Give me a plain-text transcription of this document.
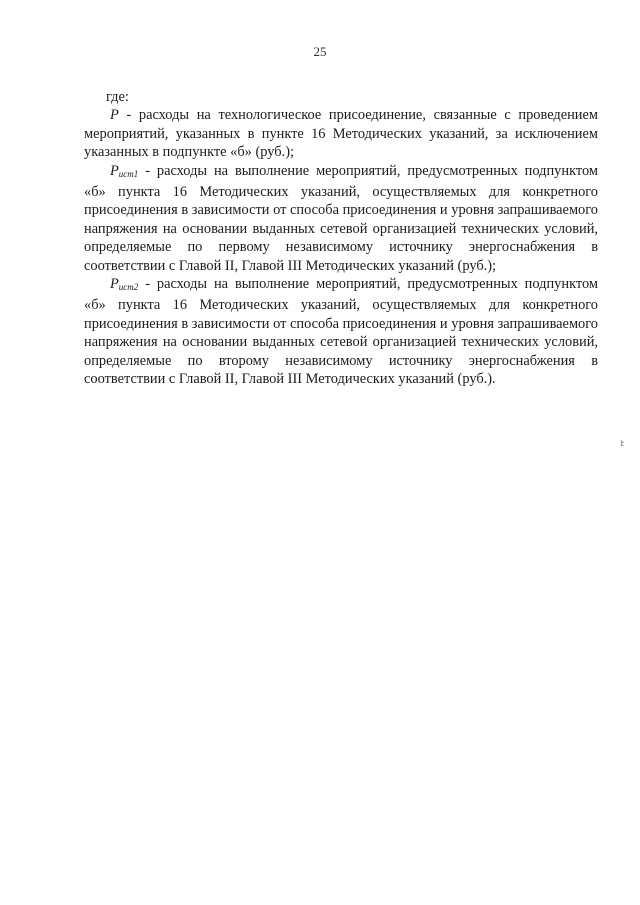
25

где:

P - расходы на технологическое присоединение, связанные с проведением мероприятий, указанных в пункте 16 Методических указаний, за исключением указанных в подпункте «б» (руб.);

$P_{ист1}$ - расходы на выполнение мероприятий, предусмотренных подпунктом «б» пункта 16 Методических указаний, осуществляемых для конкретного присоединения в зависимости от способа присоединения и уровня запрашиваемого напряжения на основании выданных сетевой организацией технических условий, определяемые по первому независимому источнику энергоснабжения в соответствии с Главой II, Главой III Методических указаний (руб.);

$P_{ист2}$ - расходы на выполнение мероприятий, предусмотренных подпунктом «б» пункта 16 Методических указаний, осуществляемых для конкретного присоединения в зависимости от способа присоединения и уровня запрашиваемого напряжения на основании выданных сетевой организацией технических условий, определяемые по второму независимому источнику энергоснабжения в соответствии с Главой II, Главой III Методических указаний (руб.).

ﾋ
